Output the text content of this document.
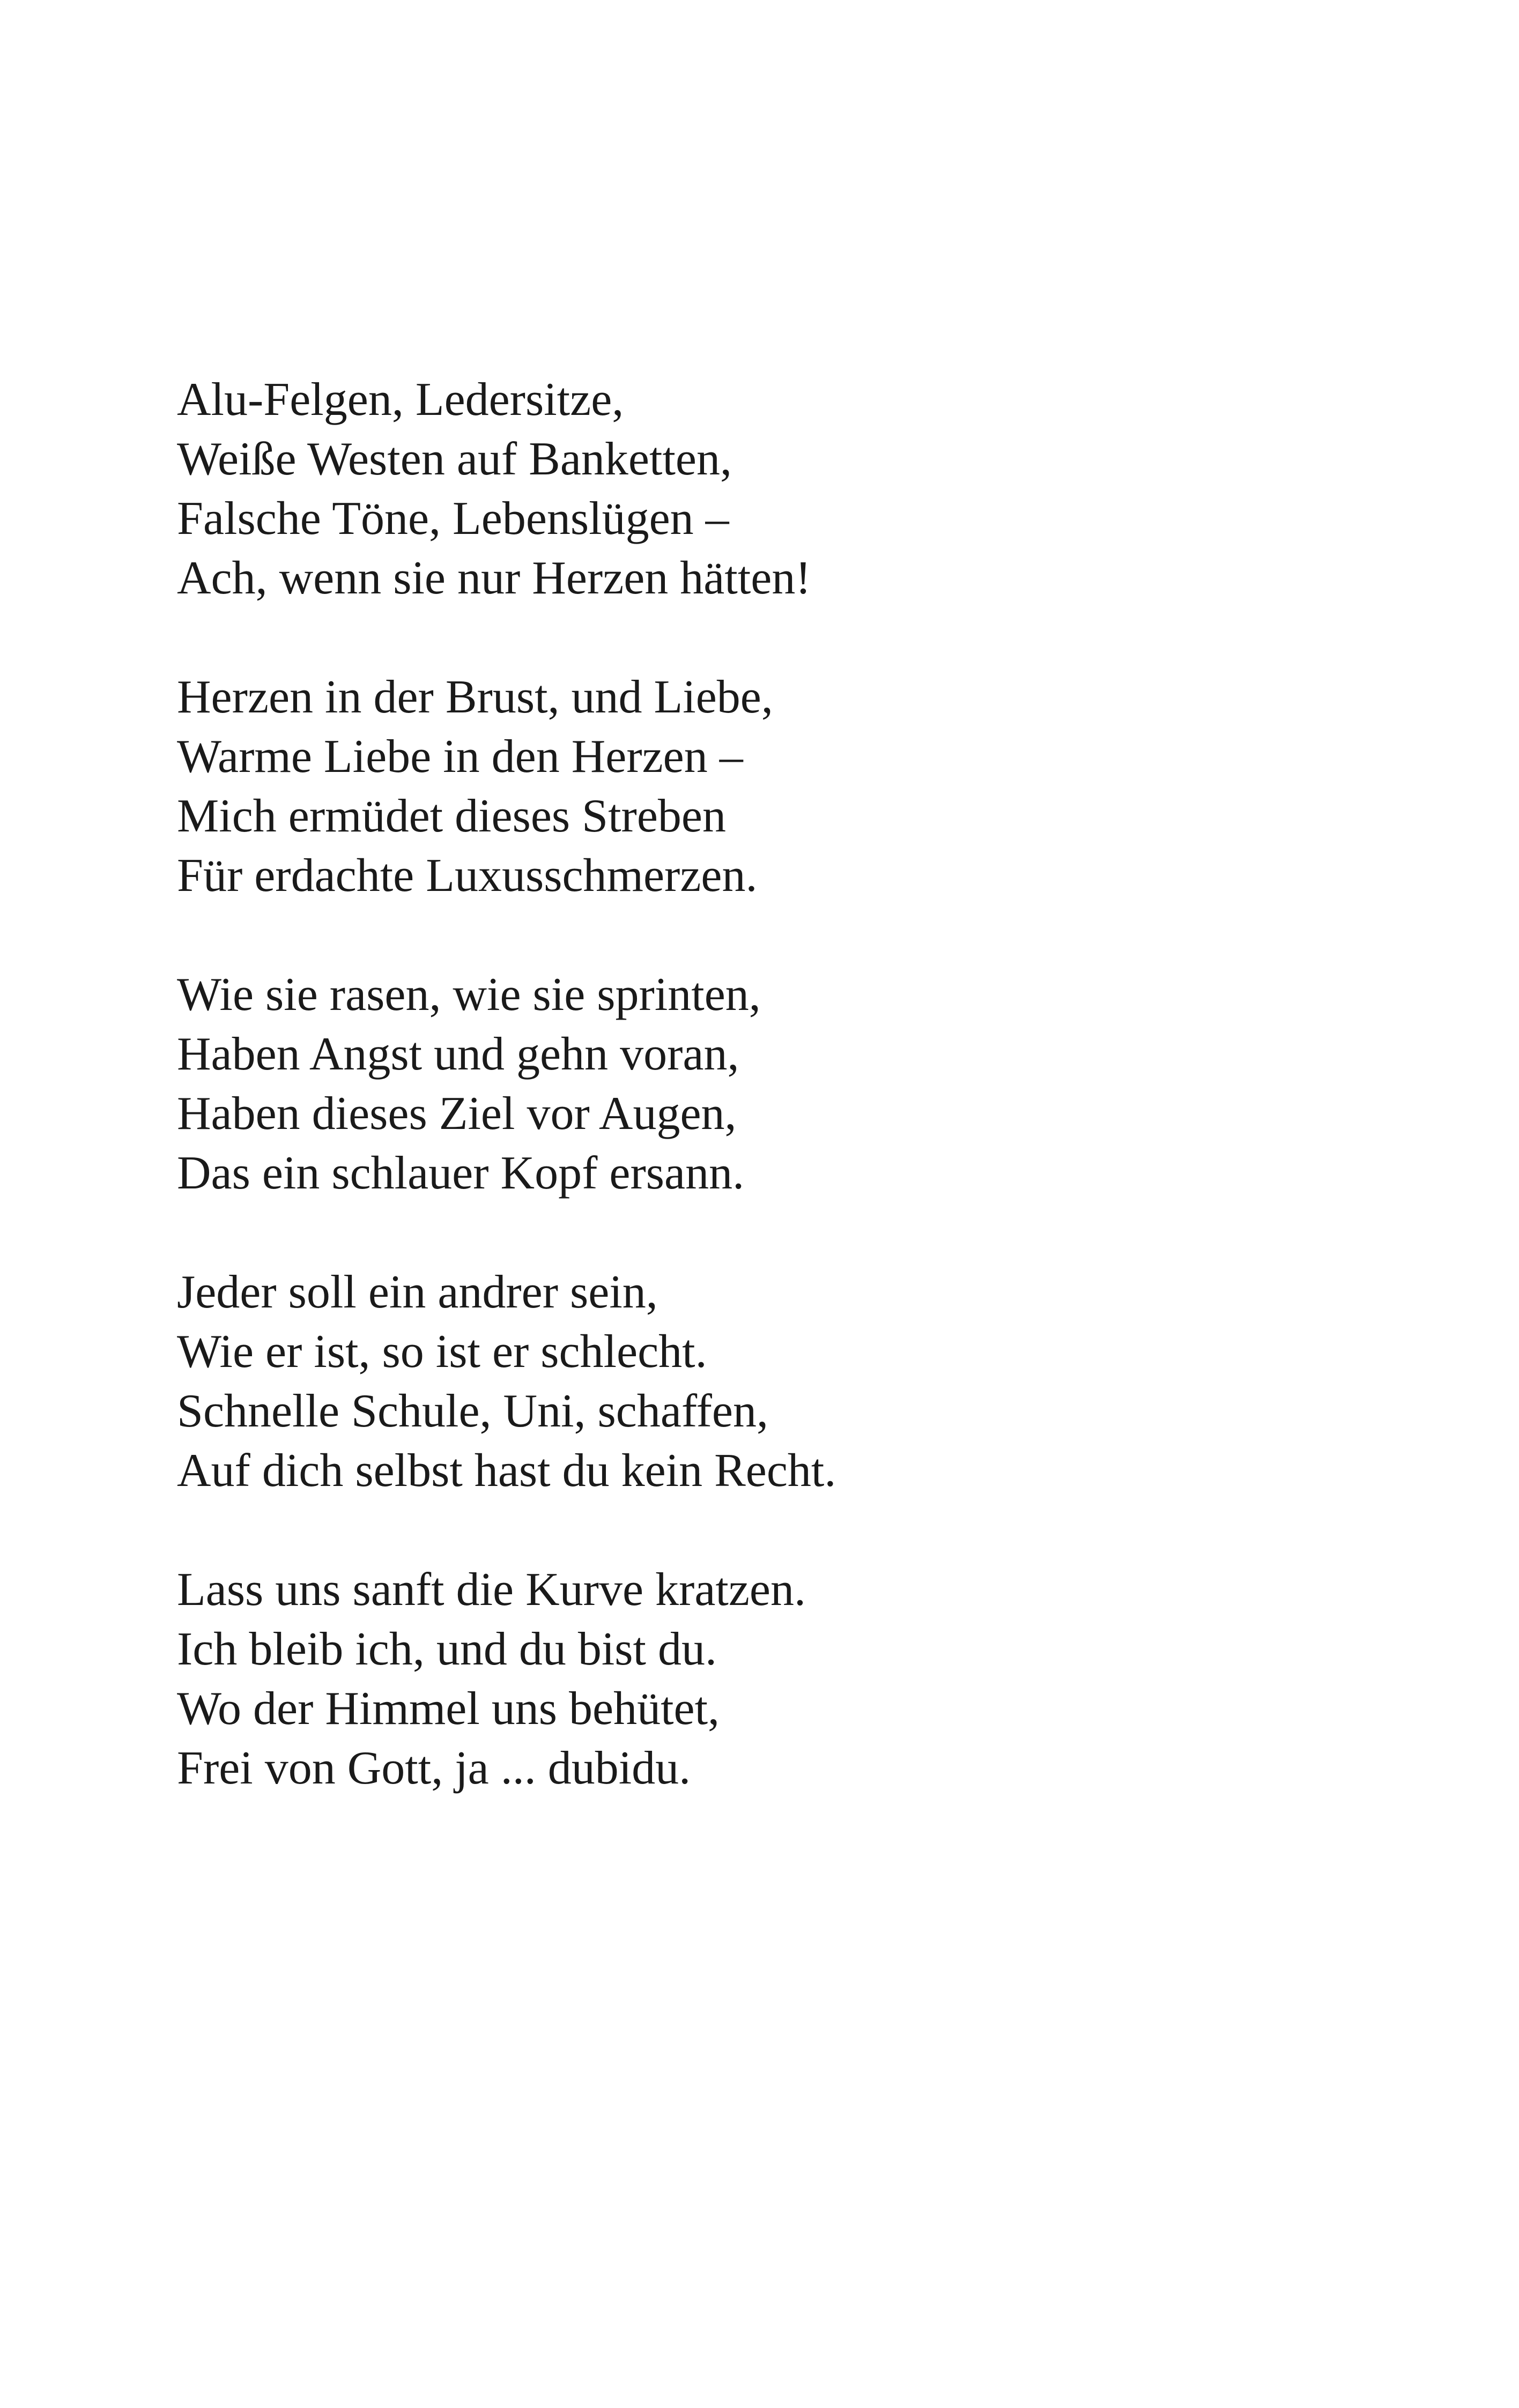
Alu-Felgen, Ledersitze,
Weiße Westen auf Banketten,
Falsche Töne, Lebenslügen –
Ach, wenn sie nur Herzen hätten!
Herzen in der Brust, und Liebe,
Warme Liebe in den Herzen –
Mich ermüdet dieses Streben
Für erdachte Luxusschmerzen.
Wie sie rasen, wie sie sprinten,
Haben Angst und gehn voran,
Haben dieses Ziel vor Augen,
Das ein schlauer Kopf ersann.
Jeder soll ein andrer sein,
Wie er ist, so ist er schlecht.
Schnelle Schule, Uni, schaffen,
Auf dich selbst hast du kein Recht.
Lass uns sanft die Kurve kratzen.
Ich bleib ich, und du bist du.
Wo der Himmel uns behütet,
Frei von Gott, ja ... dubidu.
